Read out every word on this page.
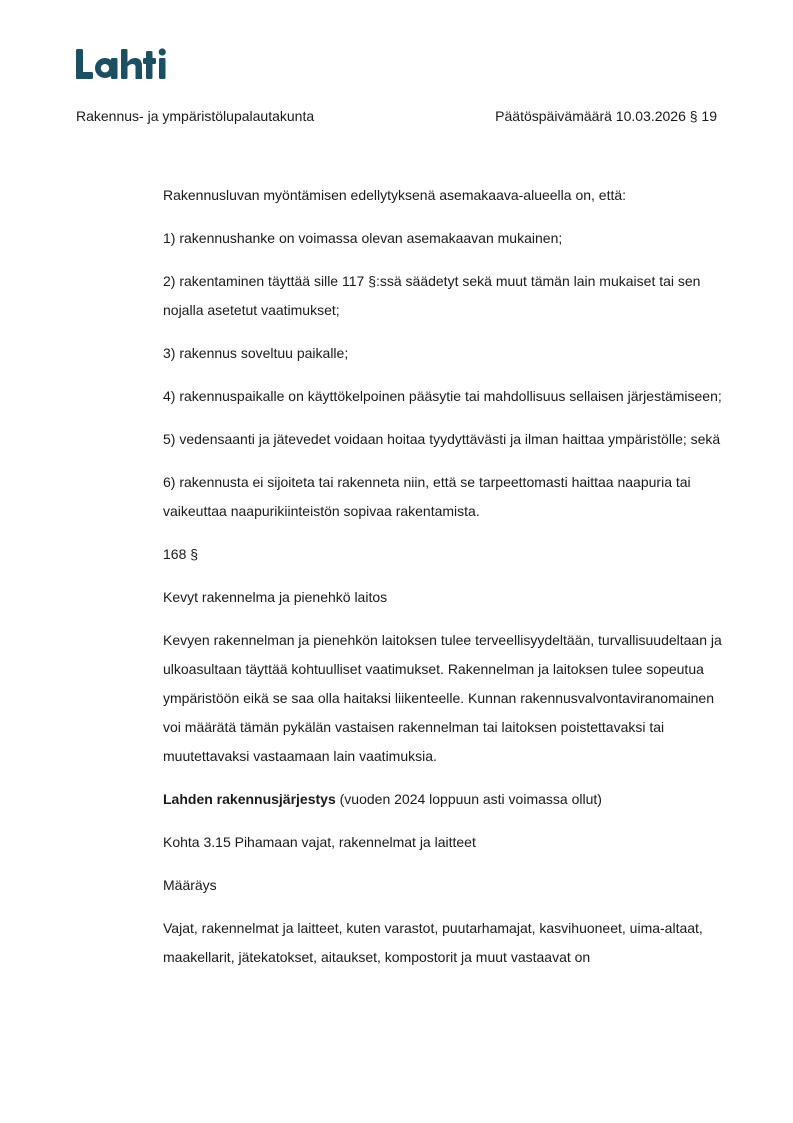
Rakennus- ja ympäristölupalautakunta	Päätöspäivämäärä 10.03.2026 § 19

Rakennusluvan myöntämisen edellytyksenä asemakaava-alueella on, että:

1) rakennushanke on voimassa olevan asemakaavan mukainen;

2) rakentaminen täyttää sille 117 §:ssä säädetyt sekä muut tämän lain mukaiset tai sen nojalla asetetut vaatimukset;

3) rakennus soveltuu paikalle;

4) rakennuspaikalle on käyttökelpoinen pääsytie tai mahdollisuus sellaisen järjestämiseen;

5) vedensaanti ja jätevedet voidaan hoitaa tyydyttävästi ja ilman haittaa ympäristölle; sekä

6) rakennusta ei sijoiteta tai rakenneta niin, että se tarpeettomasti haittaa naapuria tai vaikeuttaa naapurikiinteistön sopivaa rakentamista.

168 §

Kevyt rakennelma ja pienehkö laitos

Kevyen rakennelman ja pienehkön laitoksen tulee terveellisyydeltään, turvallisuudeltaan ja ulkoasultaan täyttää kohtuulliset vaatimukset. Rakennelman ja laitoksen tulee sopeutua ympäristöön eikä se saa olla haitaksi liikenteelle. Kunnan rakennusvalvontaviranomainen voi määrätä tämän pykälän vastaisen rakennelman tai laitoksen poistettavaksi tai muutettavaksi vastaamaan lain vaatimuksia.

Lahden rakennusjärjestys (vuoden 2024 loppuun asti voimassa ollut)

Kohta 3.15 Pihamaan vajat, rakennelmat ja laitteet

Määräys

Vajat, rakennelmat ja laitteet, kuten varastot, puutarhamajat, kasvihuoneet, uima-altaat, maakellarit, jätekatokset, aitaukset, kompostorit ja muut vastaavat on
